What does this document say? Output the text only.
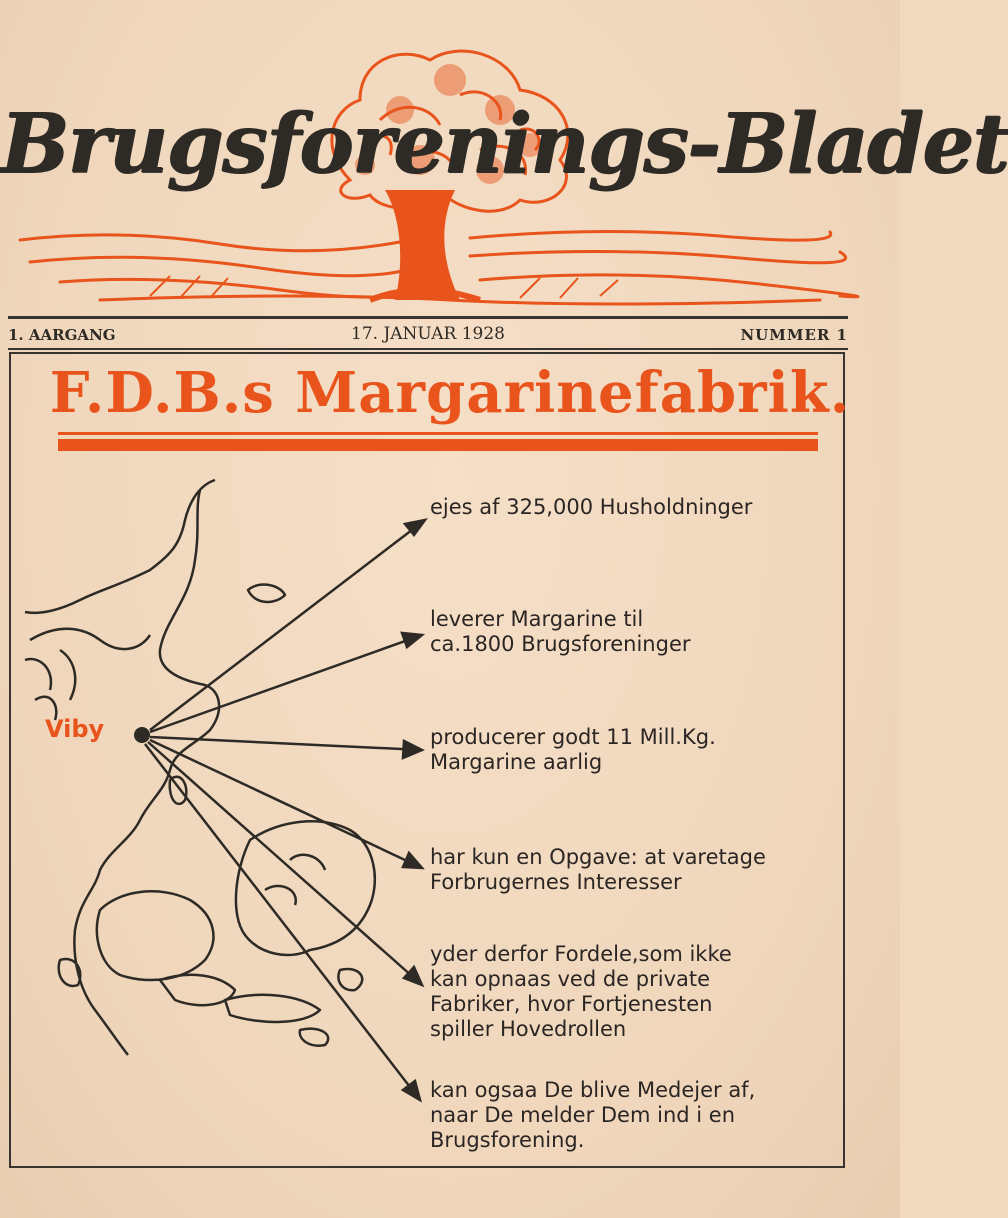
Brugsforenings-Bladet
1. AARGANG	17. JANUAR 1928	NUMMER 1
F.D.B.s Margarinefabrik.
Viby
ejes af 325,000 Husholdninger
leverer Margarine til
ca.1800 Brugsforeninger
producerer godt 11 Mill.Kg.
Margarine aarlig
har kun en Opgave: at varetage
Forbrugernes Interesser
yder derfor Fordele,som ikke
kan opnaas ved de private
Fabriker, hvor Fortjenesten
spiller Hovedrollen
kan ogsaa De blive Medejer af,
naar De melder Dem ind i en
Brugsforening.
